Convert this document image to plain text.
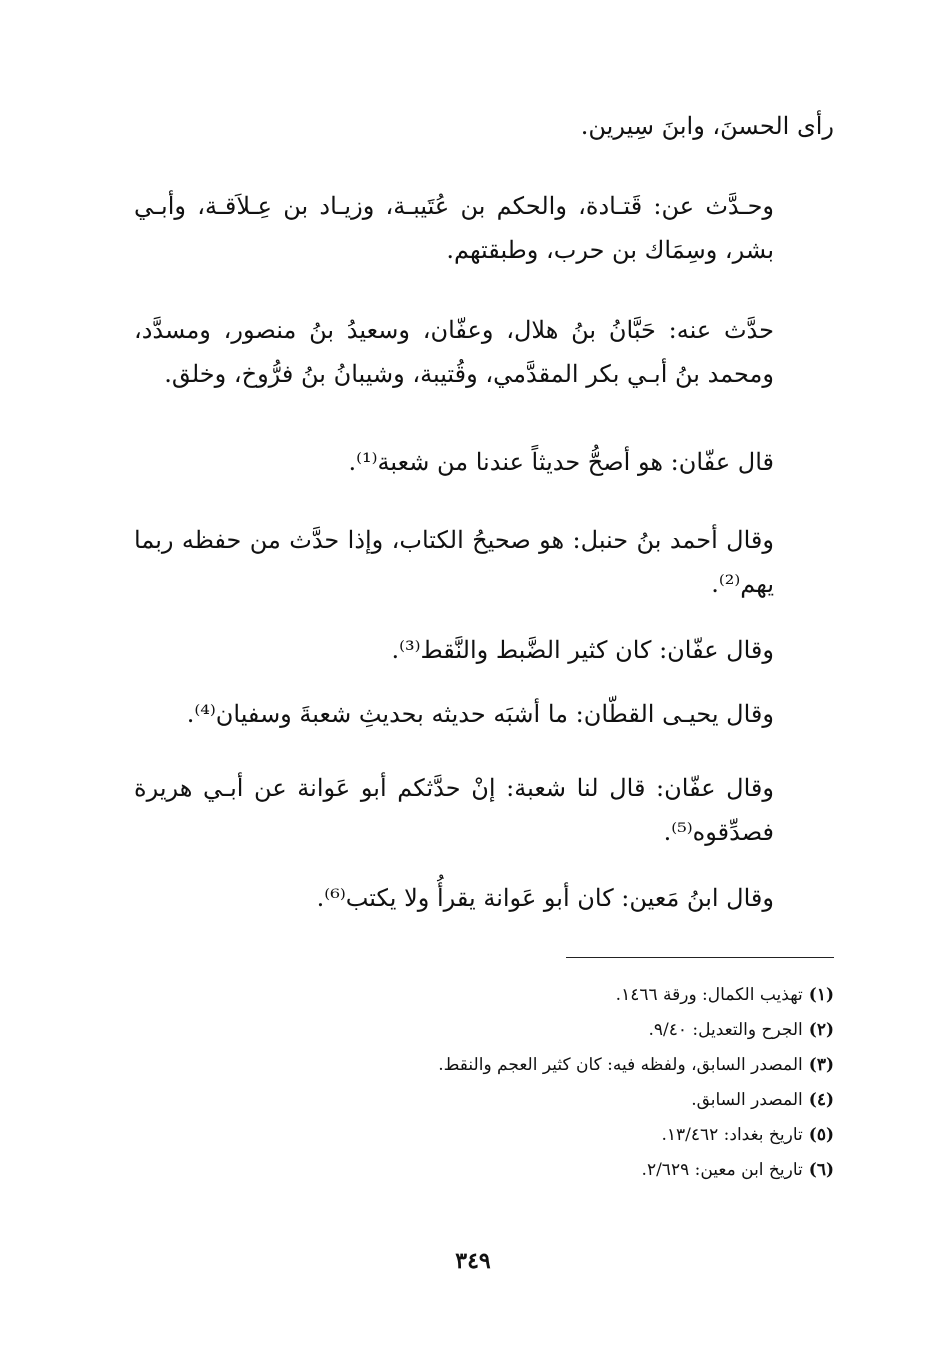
رأى الحسنَ، وابنَ سِيرين.
وحـدَّث عن: قَتـادة، والحكم بن عُتَيبـة، وزيـاد بن عِـلاَقـة، وأبـي بشر، وسِمَاك بن حرب، وطبقتهم.
حدَّث عنه: حَبَّانُ بنُ هلال، وعفّان، وسعيدُ بنُ منصور، ومسدَّد، ومحمد بنُ أبـي بكر المقدَّمي، وقُتيبة، وشيبانُ بنُ فرُّوخ، وخلق.
قال عفّان: هو أصحُّ حديثاً عندنا من شعبة⁽¹⁾.
وقال أحمد بنُ حنبل: هو صحيحُ الكتاب، وإذا حدَّث من حفظه ربما يهم⁽²⁾.
وقال عفّان: كان كثير الضَّبط والنَّقط⁽³⁾.
وقال يحيـى القطّان: ما أشبَه حديثه بحديثِ شعبةَ وسفيان⁽⁴⁾.
وقال عفّان: قال لنا شعبة: إنْ حدَّثكم أبو عَوانة عن أبـي هريرة فصدِّقوه⁽⁵⁾.
وقال ابنُ مَعين: كان أبو عَوانة يقرأُ ولا يكتب⁽⁶⁾.
(١)تهذيب الكمال: ورقة ١٤٦٦.
(٢)الجرح والتعديل: ٩/٤٠.
(٣)المصدر السابق، ولفظه فيه: كان كثير العجم والنقط.
(٤)المصدر السابق.
(٥)تاريخ بغداد: ١٣/٤٦٢.
(٦)تاريخ ابن معين: ٢/٦٢٩.
٣٤٩
